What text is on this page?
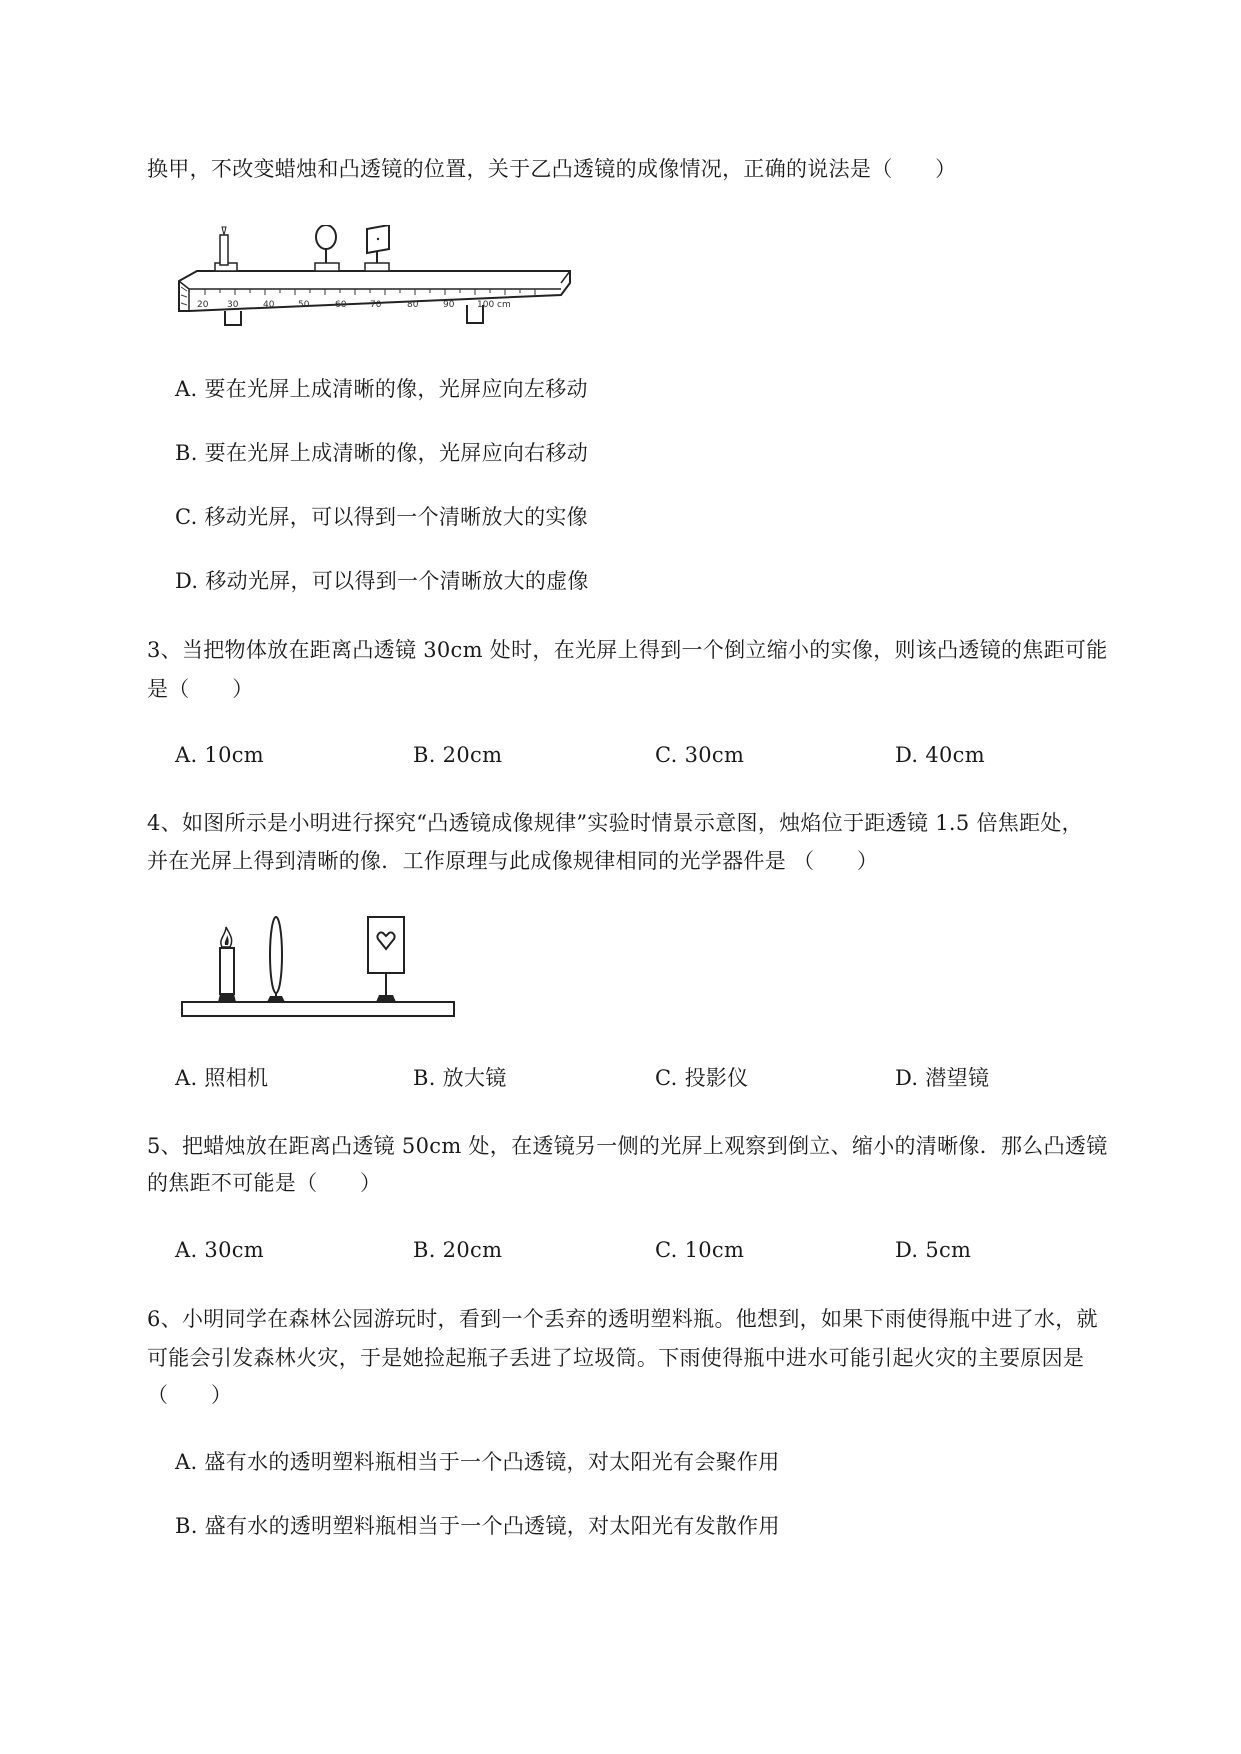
换甲，不改变蜡烛和凸透镜的位置，关于乙凸透镜的成像情况，正确的说法是（　　）
20 30	40	50	60	70	80	90	100 cm
A. 要在光屏上成清晰的像，光屏应向左移动
B. 要在光屏上成清晰的像，光屏应向右移动
C. 移动光屏，可以得到一个清晰放大的实像
D. 移动光屏，可以得到一个清晰放大的虚像
3、当把物体放在距离凸透镜 30cm 处时，在光屏上得到一个倒立缩小的实像，则该凸透镜的焦距可能
是（　　）
A. 10cm	B. 20cm	C. 30cm	D. 40cm
4、如图所示是小明进行探究“凸透镜成像规律”实验时情景示意图，烛焰位于距透镜 1.5 倍焦距处，
并在光屏上得到清晰的像．工作原理与此成像规律相同的光学器件是 （　　）
A. 照相机	B. 放大镜	C. 投影仪	D. 潜望镜
5、把蜡烛放在距离凸透镜 50cm 处，在透镜另一侧的光屏上观察到倒立、缩小的清晰像．那么凸透镜
的焦距不可能是（　　）
A. 30cm	B. 20cm	C. 10cm	D. 5cm
6、小明同学在森林公园游玩时，看到一个丢弃的透明塑料瓶。他想到，如果下雨使得瓶中进了水，就
可能会引发森林火灾，于是她捡起瓶子丢进了垃圾筒。下雨使得瓶中进水可能引起火灾的主要原因是
（　　）
A. 盛有水的透明塑料瓶相当于一个凸透镜，对太阳光有会聚作用
B. 盛有水的透明塑料瓶相当于一个凸透镜，对太阳光有发散作用
